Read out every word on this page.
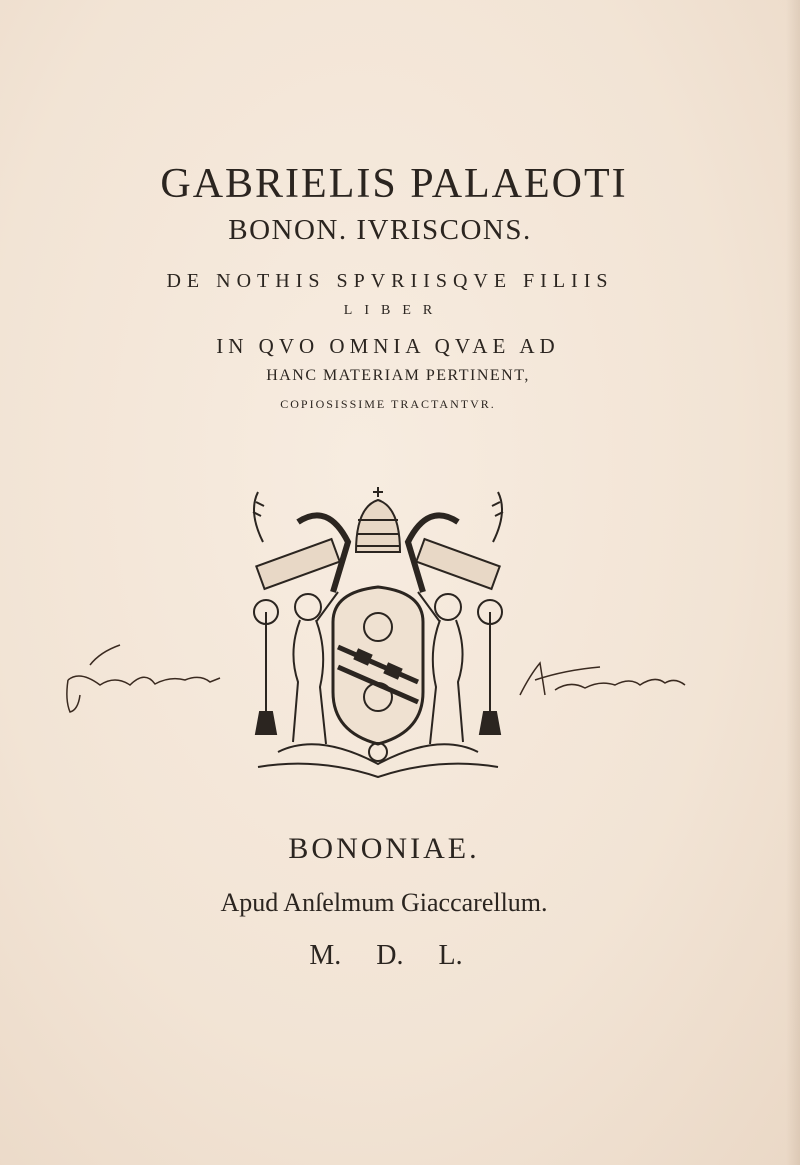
GABRIELIS PALAEOTI
BONON. IVRISCONS.
DE NOTHIS SPVRIISQVE FILIIS
LIBER
IN QVO OMNIA QVAE AD
HANC MATERIAM PERTINENT,
COPIOSISSIME TRACTANTVR.
BONONIAE.
Apud Anſelmum Giaccarellum.
M. D. L.
